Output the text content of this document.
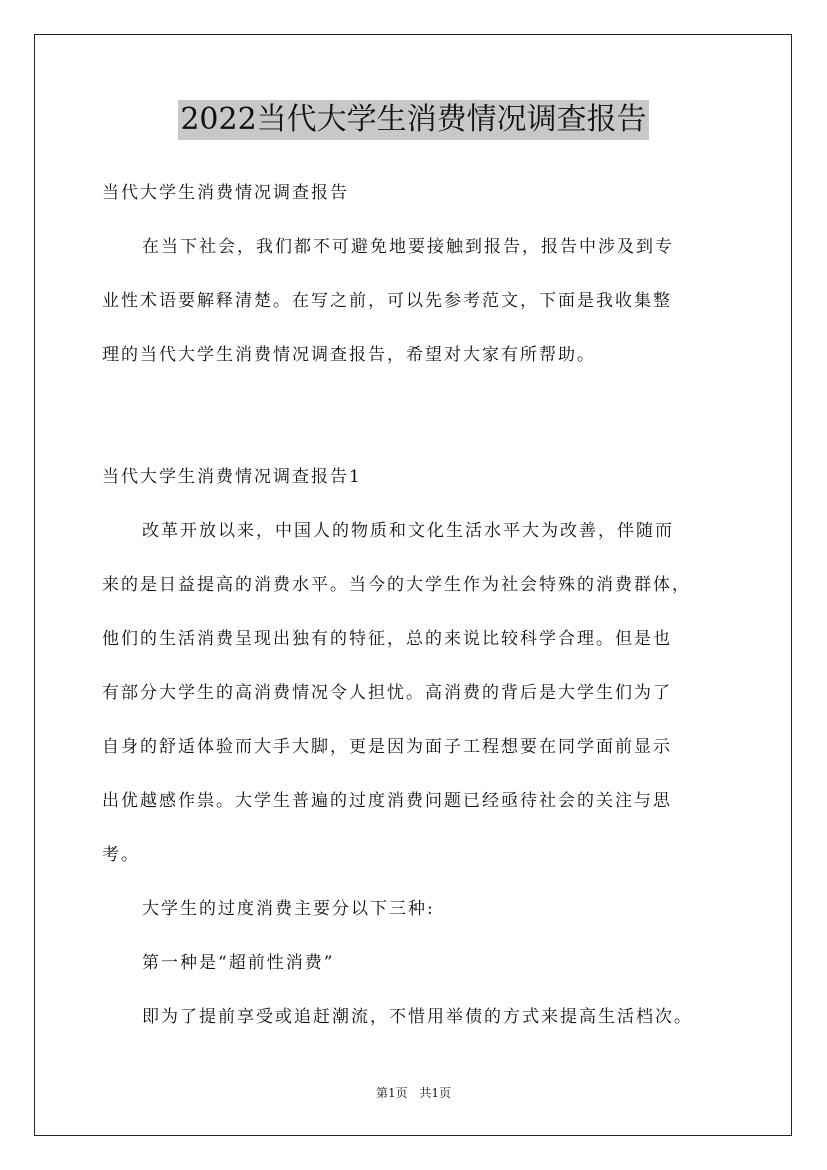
2022当代大学生消费情况调查报告
当代大学生消费情况调查报告
在当下社会，我们都不可避免地要接触到报告，报告中涉及到专
业性术语要解释清楚。在写之前，可以先参考范文，下面是我收集整
理的当代大学生消费情况调查报告，希望对大家有所帮助。
当代大学生消费情况调查报告1
改革开放以来，中国人的物质和文化生活水平大为改善，伴随而
来的是日益提高的消费水平。当今的大学生作为社会特殊的消费群体，
他们的生活消费呈现出独有的特征，总的来说比较科学合理。但是也
有部分大学生的高消费情况令人担忧。高消费的背后是大学生们为了
自身的舒适体验而大手大脚，更是因为面子工程想要在同学面前显示
出优越感作祟。大学生普遍的过度消费问题已经亟待社会的关注与思
考。
大学生的过度消费主要分以下三种:
第一种是“超前性消费”
即为了提前享受或追赶潮流，不惜用举债的方式来提高生活档次。
第1页 共1页
